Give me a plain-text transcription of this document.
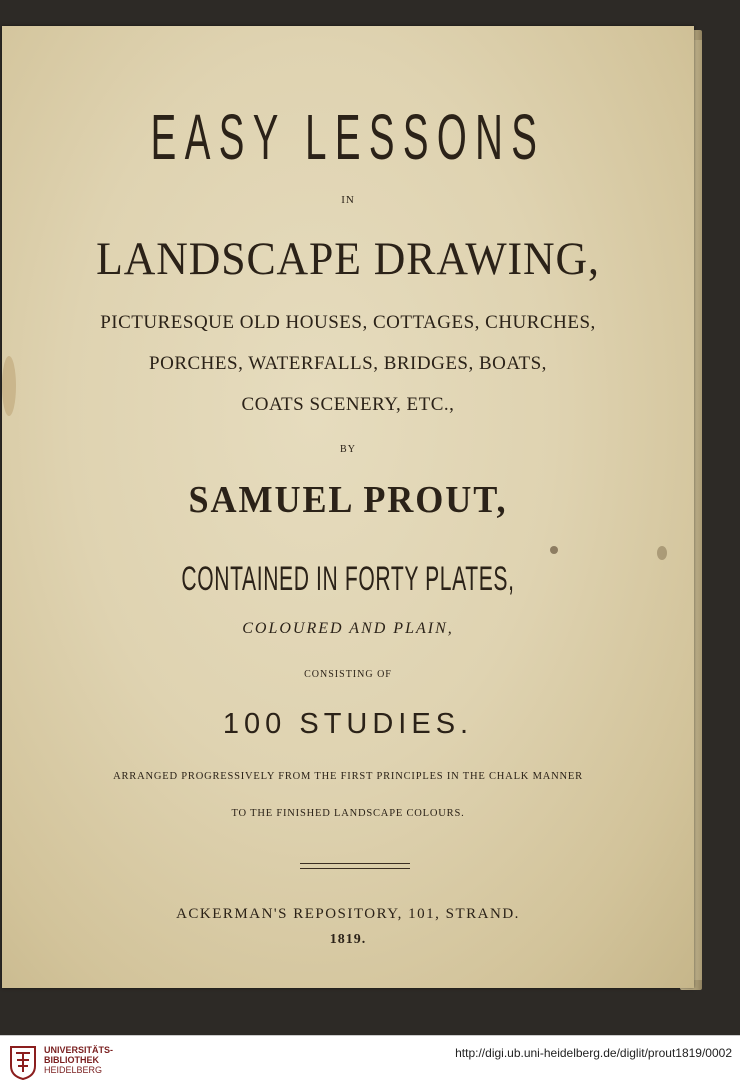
EASY LESSONS
IN
LANDSCAPE DRAWING,
PICTURESQUE OLD HOUSES, COTTAGES, CHURCHES,
PORCHES, WATERFALLS, BRIDGES, BOATS,
COATS SCENERY, ETC.,
BY
SAMUEL PROUT,
CONTAINED IN FORTY PLATES,
COLOURED AND PLAIN,
CONSISTING OF
100 STUDIES.
ARRANGED PROGRESSIVELY FROM THE FIRST PRINCIPLES IN THE CHALK MANNER
TO THE FINISHED LANDSCAPE COLOURS.
ACKERMAN'S REPOSITORY, 101, STRAND.
1819.
UNIVERSITÄTS-
BIBLIOTHEK
HEIDELBERG
http://digi.ub.uni-heidelberg.de/diglit/prout1819/0002
